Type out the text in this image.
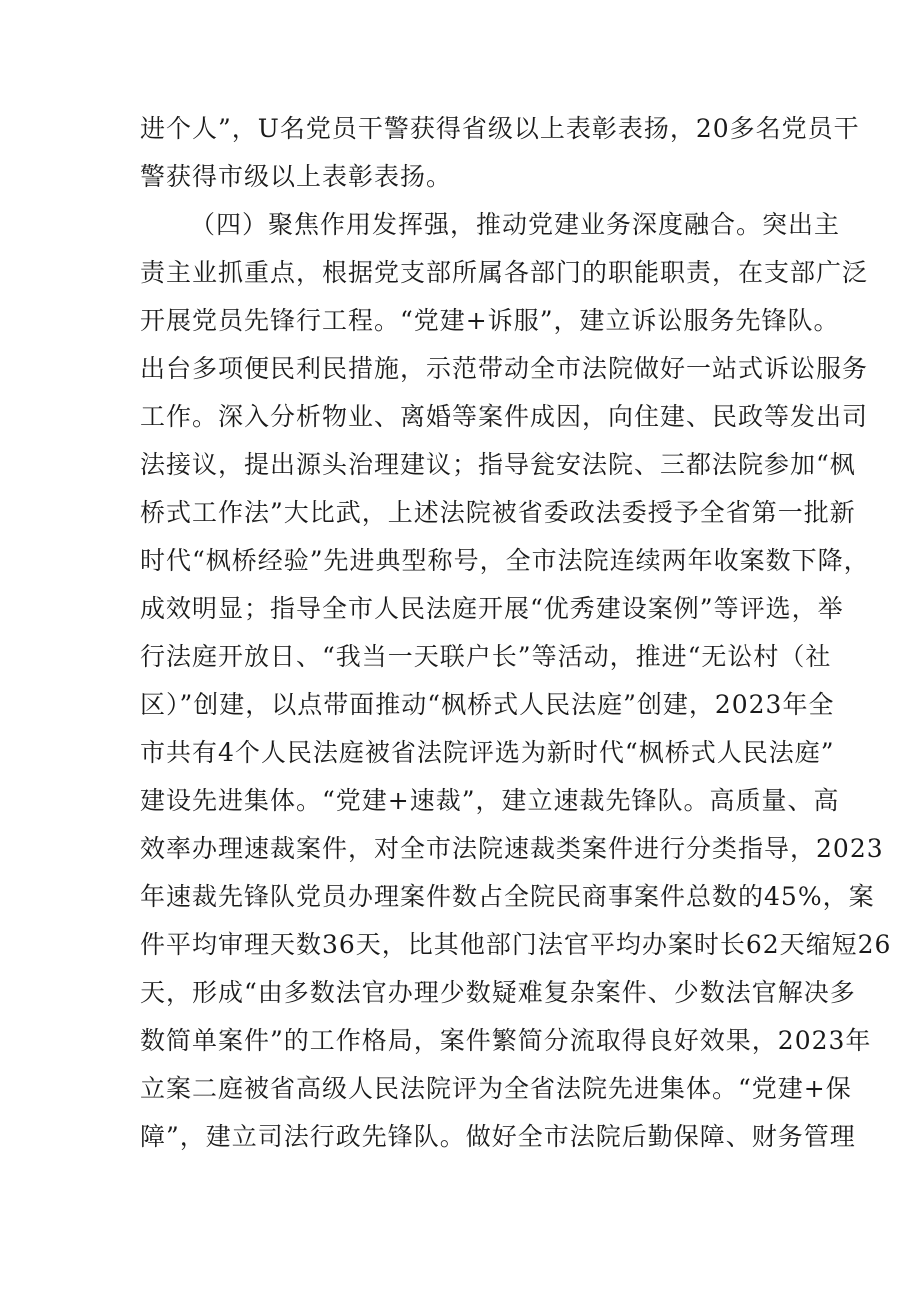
进个人”，U名党员干警获得省级以上表彰表扬，20多名党员干
警获得市级以上表彰表扬。
（四）聚焦作用发挥强，推动党建业务深度融合。突出主
责主业抓重点，根据党支部所属各部门的职能职责，在支部广泛
开展党员先锋行工程。“党建+诉服”，建立诉讼服务先锋队。
出台多项便民利民措施，示范带动全市法院做好一站式诉讼服务
工作。深入分析物业、离婚等案件成因，向住建、民政等发出司
法接议，提出源头治理建议；指导瓮安法院、三都法院参加“枫
桥式工作法”大比武，上述法院被省委政法委授予全省第一批新
时代“枫桥经验”先进典型称号，全市法院连续两年收案数下降，
成效明显；指导全市人民法庭开展“优秀建设案例”等评选，举
行法庭开放日、“我当一天联户长”等活动，推进“无讼村（社
区）”创建，以点带面推动“枫桥式人民法庭”创建，2023年全
市共有4个人民法庭被省法院评选为新时代“枫桥式人民法庭”
建设先进集体。“党建+速裁”，建立速裁先锋队。高质量、高
效率办理速裁案件，对全市法院速裁类案件进行分类指导，2023
年速裁先锋队党员办理案件数占全院民商事案件总数的45%，案
件平均审理天数36天，比其他部门法官平均办案时长62天缩短26
天，形成“由多数法官办理少数疑难复杂案件、少数法官解决多
数简单案件”的工作格局，案件繁简分流取得良好效果，2023年
立案二庭被省高级人民法院评为全省法院先进集体。“党建+保
障”，建立司法行政先锋队。做好全市法院后勤保障、财务管理
